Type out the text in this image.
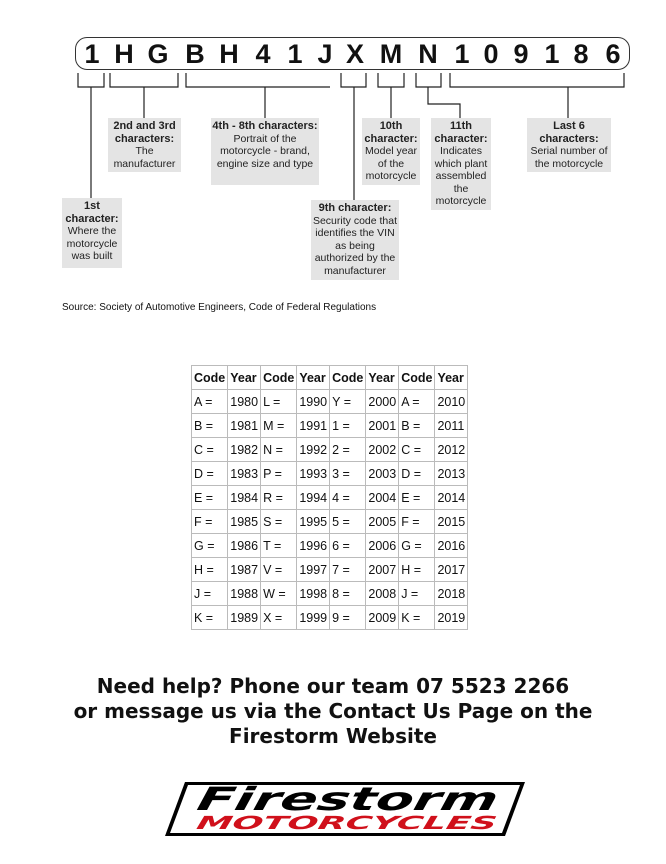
1 H G B H 4 1 J X M N 1 0 9 1 8 6
1st character:
Where the motorcycle was built
2nd and 3rd characters:
The manufacturer
4th - 8th characters:
Portrait of the motorcycle - brand, engine size and type
9th character:
Security code that identifies the VIN as being authorized by the manufacturer
10th character:
Model year of the motorcycle
11th character:
Indicates which plant assembled the motorcycle
Last 6 characters:
Serial number of the motorcycle
Source: Society of Automotive Engineers, Code of Federal Regulations
Code	Year	Code	Year	Code	Year	Code	Year
A =	1980	L =	1990	Y =	2000	A =	2010
B =	1981	M =	1991	1 =	2001	B =	2011
C =	1982	N =	1992	2 =	2002	C =	2012
D =	1983	P =	1993	3 =	2003	D =	2013
E =	1984	R =	1994	4 =	2004	E =	2014
F =	1985	S =	1995	5 =	2005	F =	2015
G =	1986	T =	1996	6 =	2006	G =	2016
H =	1987	V =	1997	7 =	2007	H =	2017
J =	1988	W =	1998	8 =	2008	J =	2018
K =	1989	X =	1999	9 =	2009	K =	2019
Need help? Phone our team 07 5523 2266
or message us via the Contact Us Page on the
Firestorm Website
Firestorm
MOTORCYCLES
